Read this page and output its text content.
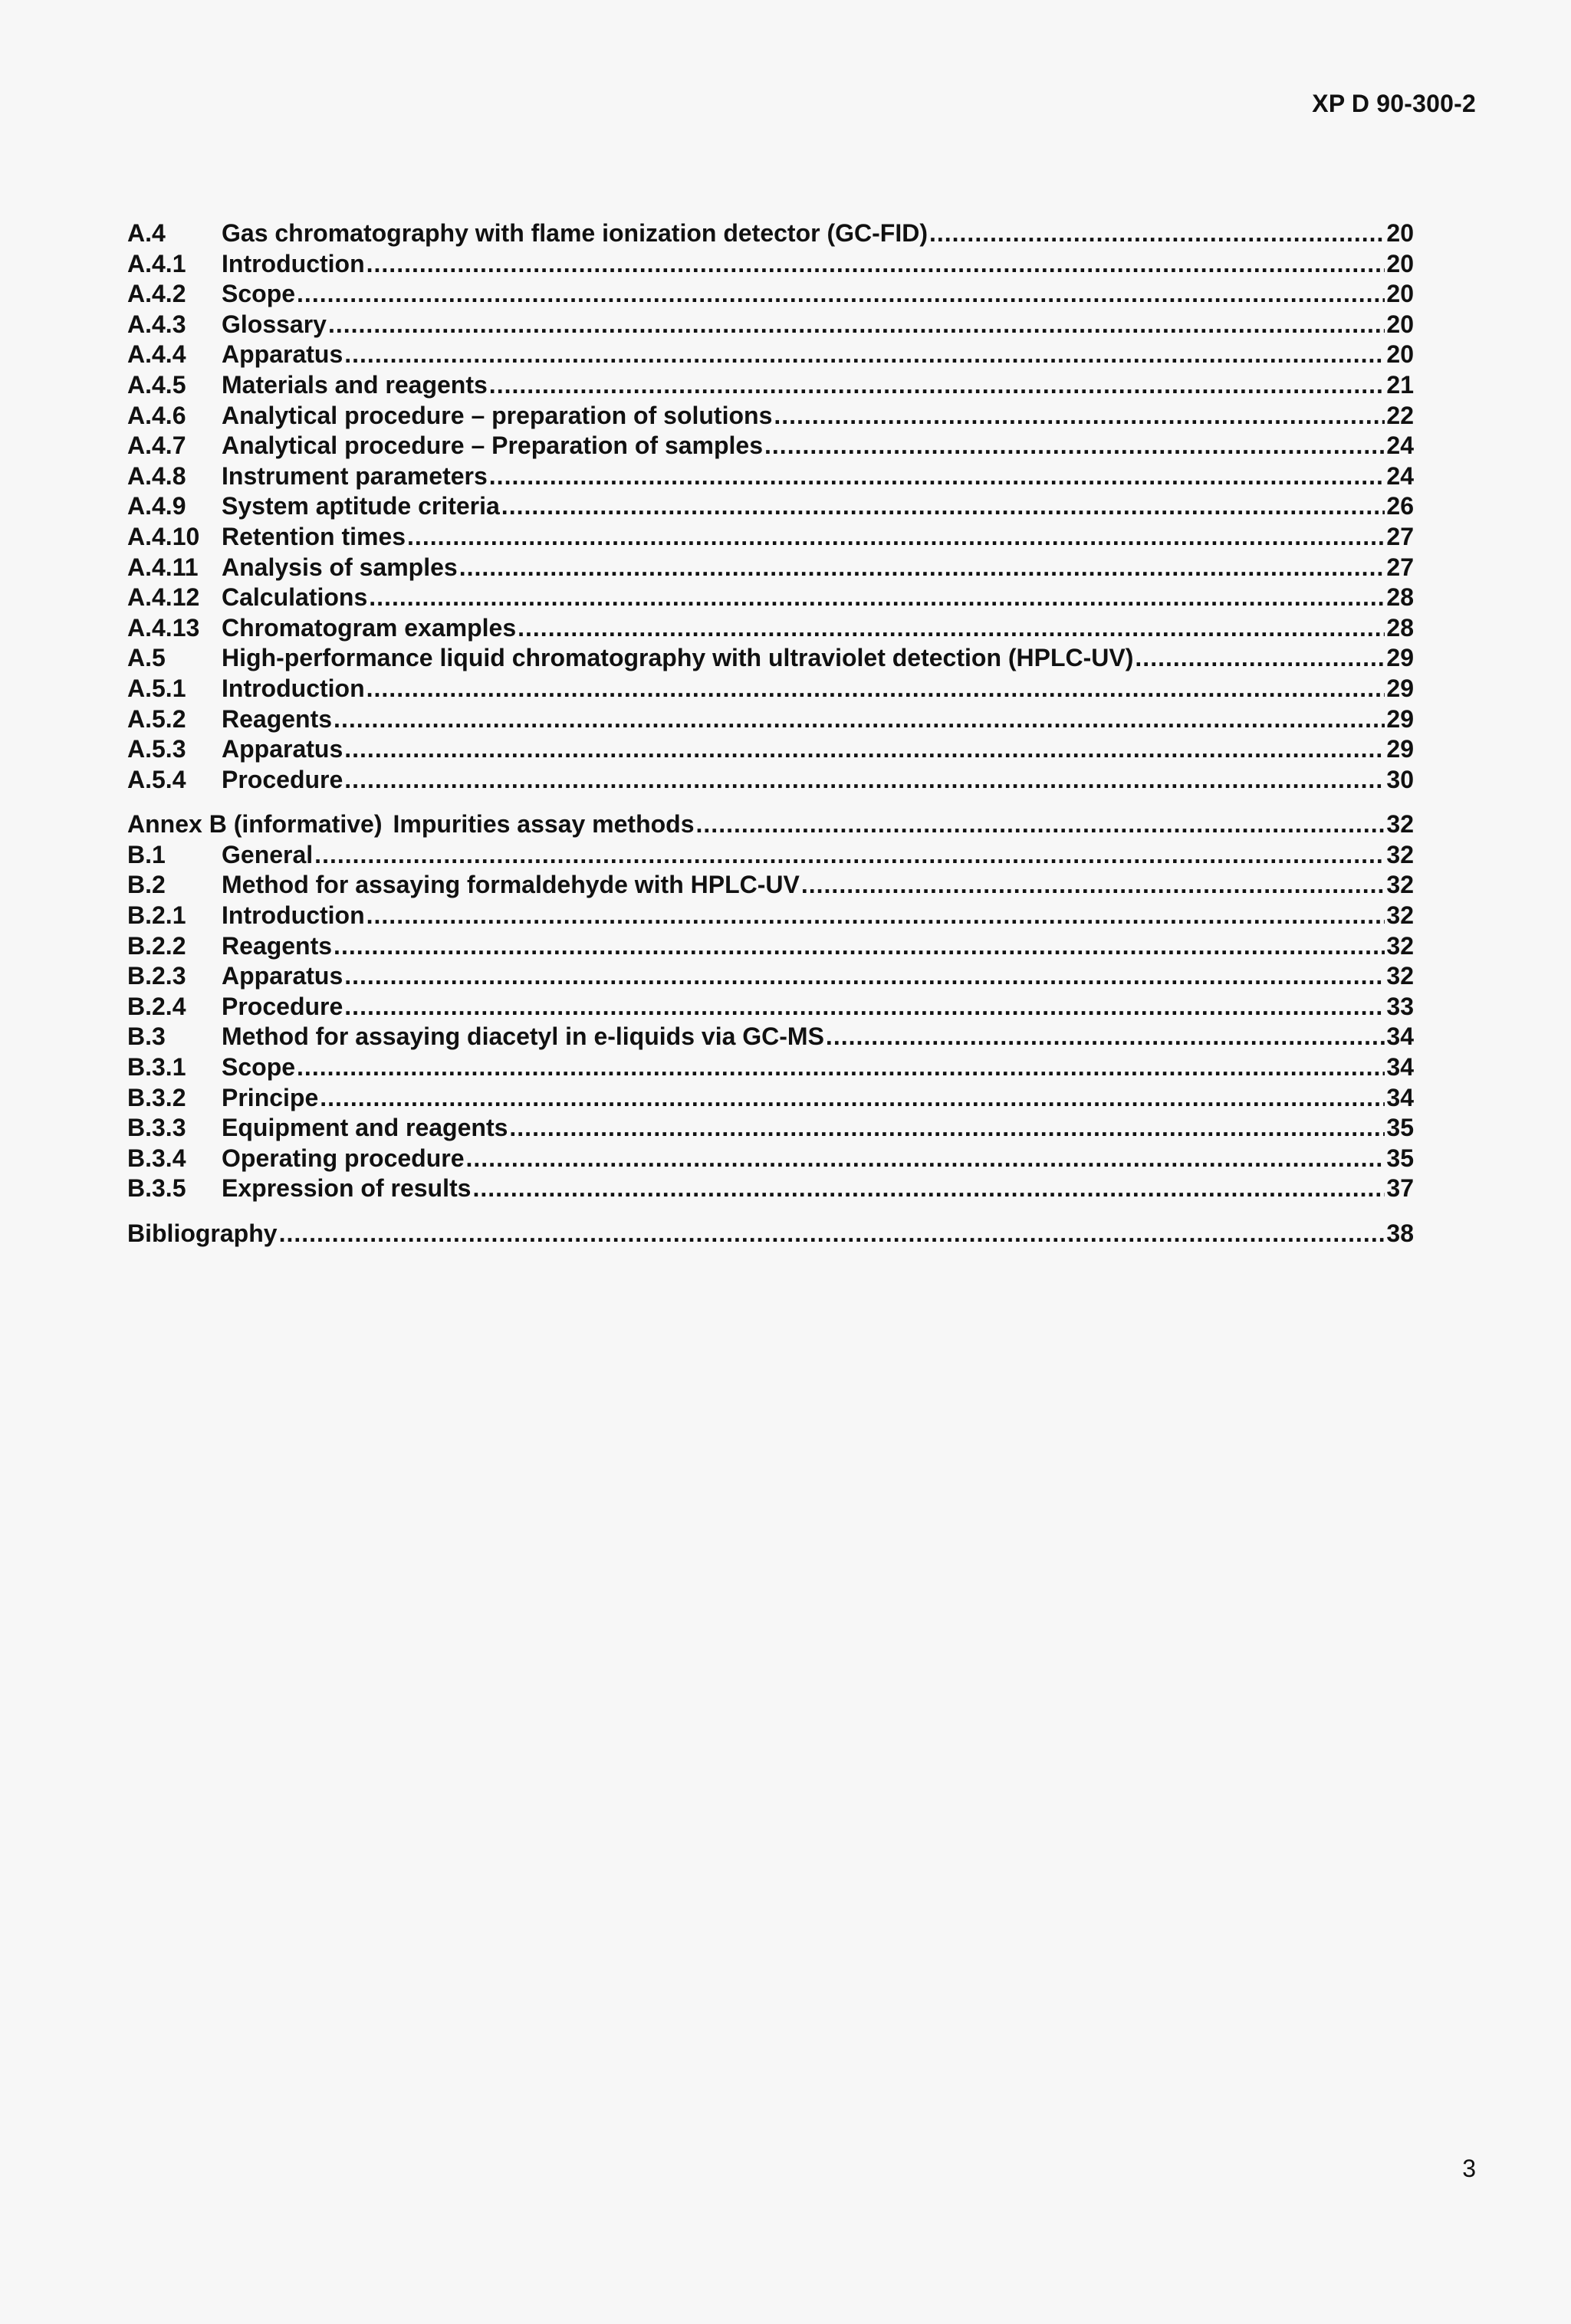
XP D 90-300-2
A.4	Gas chromatography with flame ionization detector (GC-FID) .....	20
A.4.1	Introduction .....	20
A.4.2	Scope .....	20
A.4.3	Glossary .....	20
A.4.4	Apparatus .....	20
A.4.5	Materials and reagents .....	21
A.4.6	Analytical procedure – preparation of solutions .....	22
A.4.7	Analytical procedure – Preparation of samples .....	24
A.4.8	Instrument parameters .....	24
A.4.9	System aptitude criteria .....	26
A.4.10 Retention times .....	27
A.4.11 Analysis of samples .....	27
A.4.12 Calculations .....	28
A.4.13 Chromatogram examples .....	28
A.5	High-performance liquid chromatography with ultraviolet detection (HPLC-UV) .....	29
A.5.1	Introduction .....	29
A.5.2	Reagents .....	29
A.5.3	Apparatus .....	29
A.5.4	Procedure .....	30
Annex B (informative) Impurities assay methods .....	32
B.1	General .....	32
B.2	Method for assaying formaldehyde with HPLC-UV .....	32
B.2.1	Introduction .....	32
B.2.2	Reagents .....	32
B.2.3	Apparatus .....	32
B.2.4	Procedure .....	33
B.3	Method for assaying diacetyl in e-liquids via GC-MS .....	34
B.3.1	Scope .....	34
B.3.2	Principe .....	34
B.3.3	Equipment and reagents .....	35
B.3.4	Operating procedure .....	35
B.3.5	Expression of results .....	37
Bibliography .....	38
3
